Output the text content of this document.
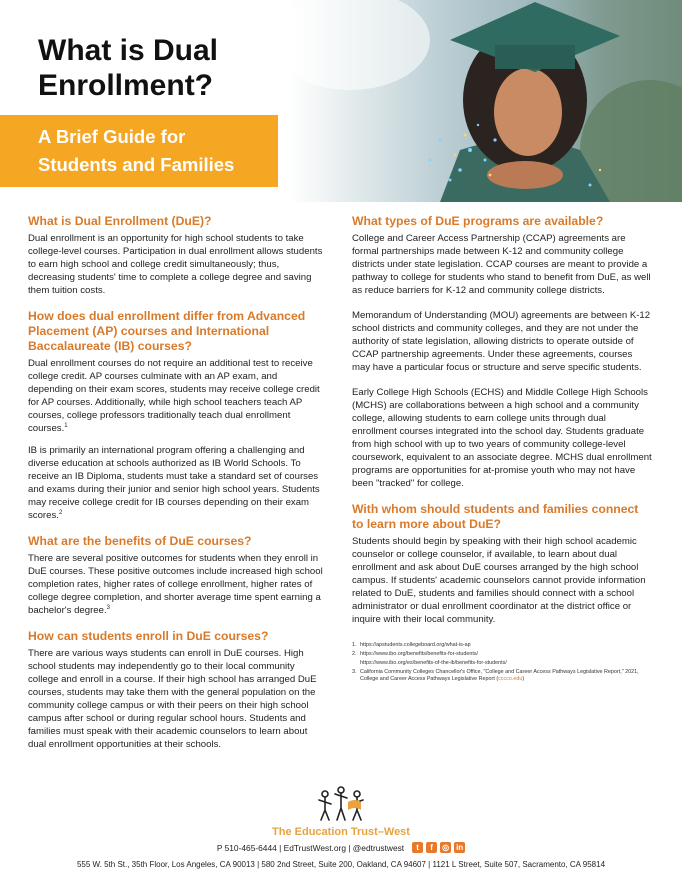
What is Dual
Enrollment?
A Brief Guide for
Students and Families
What is Dual Enrollment (DuE)?

Dual enrollment is an opportunity for high school students to take college-level courses. Participation in dual enrollment allows students to earn high school and college credit simultaneously; thus, decreasing students' time to complete a college degree and saving them tuition costs.

How does dual enrollment differ from Advanced Placement (AP) courses and International Baccalaureate (IB) courses?

Dual enrollment courses do not require an additional test to receive college credit. AP courses culminate with an AP exam, and depending on their exam scores, students may receive college credit for AP courses. Additionally, while high school teachers teach AP courses, college professors traditionally teach dual enrollment courses.$^1$

IB is primarily an international program offering a challenging and diverse education at schools authorized as IB World Schools. To receive an IB Diploma, students must take a standard set of courses and exams during their junior and senior high school years. Students may receive college credit for IB courses depending on their exam scores.$^2$

What are the benefits of DuE courses?

There are several positive outcomes for students when they enroll in DuE courses. These positive outcomes include increased high school completion rates, higher rates of college enrollment, higher rates of college degree completion, and shorter average time spent earning a bachelor's degree.$^3$

How can students enroll in DuE courses?

There are various ways students can enroll in DuE courses. High school students may independently go to their local community college and enroll in a course. If their high school has arranged DuE courses, students may take them with the general population on the community college campus or with their peers on their high school campus after school or during regular school hours. Students and families must speak with their academic counselors to learn about dual enrollment opportunities at their schools.

What types of DuE programs are available?

College and Career Access Partnership (CCAP) agreements are formal partnerships made between K-12 and community college districts under state legislation. CCAP courses are meant to provide a pathway to college for students who stand to benefit from DuE, as well as reduce barriers for K-12 and community college districts.

Memorandum of Understanding (MOU) agreements are between K-12 school districts and community colleges, and they are not under the authority of state legislation, allowing districts to operate outside of CCAP partnership agreements. Under these agreements, courses may have a particular focus or structure and serve specific students.

Early College High Schools (ECHS) and Middle College High Schools (MCHS) are collaborations between a high school and a community college, allowing students to earn college units through dual enrollment courses integrated into the school day. Students graduate from high school with up to two years of community college-level coursework, equivalent to an associate degree. MCHS dual enrollment programs are opportunities for at-promise youth who may not have been "tracked" for college.

With whom should students and families connect to learn more about DuE?

Students should begin by speaking with their high school academic counselor or college counselor, if available, to learn about dual enrollment and ask about DuE courses arranged by the high school campus. If students' academic counselors cannot provide information related to DuE, students and families should connect with a school administrator or dual enrollment coordinator at the district office or inquire with their local community.

1. https://apstudents.collegeboard.org/what-is-ap
2. https://www.ibo.org/benefits/benefits-for-students/
https://www.ibo.org/es/benefits-of-the-ib/benefits-for-students/
3. California Community Colleges Chancellor's Office, "College and Career Access Pathways Legislative Report," 2021, College and Career Access Pathways Legislative Report (cccco.edu)
The Education Trust–West
P 510-465-6444 | EdTrustWest.org | @edtrustwest	t	f	◎ in
555 W. 5th St., 35th Floor, Los Angeles, CA 90013 | 580 2nd Street, Suite 200, Oakland, CA 94607 | 1121 L Street, Suite 507, Sacramento, CA 95814
